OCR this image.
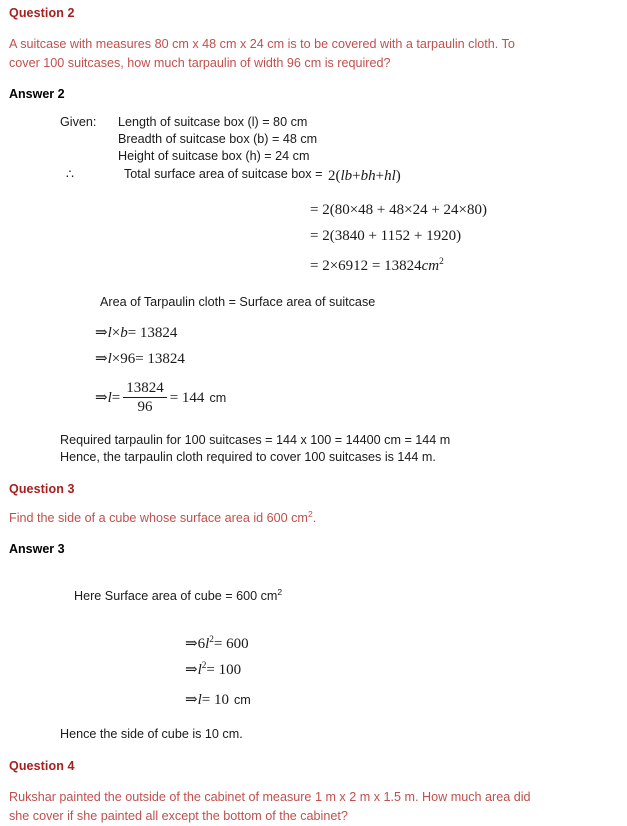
Question 2
A suitcase with measures 80 cm x 48 cm x 24 cm is to be covered with a tarpaulin cloth. To
cover 100 suitcases, how much tarpaulin of width 96 cm is required?
Answer 2
Given:	Length of suitcase box (l) = 80 cm
Breadth of suitcase box (b) = 48 cm
Height of suitcase box (h) = 24 cm
∴	Total surface area of suitcase box = 2(lb+bh+hl)
= 2(80×48 + 48×24 + 24×80)
= 2(3840 + 1152 + 1920)
= $2\times 6912 = 13824cm^2$
Area of Tarpaulin cloth = Surface area of suitcase
⇒l×b= 13824
⇒l×96= 13824
⇒l= $\frac{13824}{96} = 144$ cm
Required tarpaulin for 100 suitcases = 144 x 100 = 14400 cm = 144 m
Hence, the tarpaulin cloth required to cover 100 suitcases is 144 m.
Question 3
Find the side of a cube whose surface area id 600 $cm^2$.
Answer 3

Here Surface area of cube = 600 $cm^2$

$\Rightarrow 6l^2= 600$
$\Rightarrow l^2= 100$
⇒l= 10 cm
Hence the side of cube is 10 cm.
Question 4
Rukshar painted the outside of the cabinet of measure 1 m x 2 m x 1.5 m. How much area did
she cover if she painted all except the bottom of the cabinet?
